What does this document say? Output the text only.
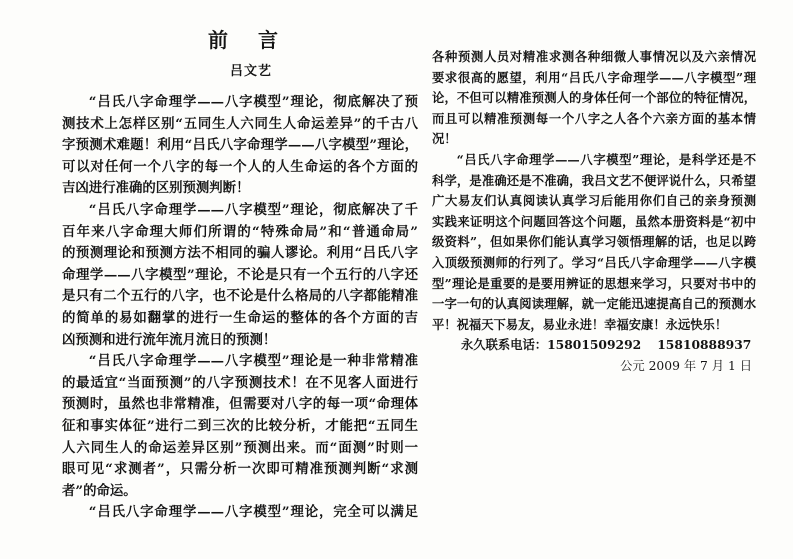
前　言
吕文艺
“吕氏八字命理学——八字模型”理论，彻底解决了预
测技术上怎样区别“五同生人六同生人命运差异”的千古八
字预测术难题！利用“吕氏八字命理学——八字模型”理论，
可以对任何一个八字的每一个人的人生命运的各个方面的
吉凶进行准确的区别预测判断！
“吕氏八字命理学——八字模型”理论，彻底解决了千
百年来八字命理大师们所谓的“特殊命局”和“普通命局”
的预测理论和预测方法不相同的骗人谬论。利用“吕氏八字
命理学——八字模型”理论，不论是只有一个五行的八字还
是只有二个五行的八字，也不论是什么格局的八字都能精准
的简单的易如翻掌的进行一生命运的整体的各个方面的吉
凶预测和进行流年流月流日的预测！
“吕氏八字命理学——八字模型”理论是一种非常精准
的最适宜“当面预测”的八字预测技术！在不见客人面进行
预测时，虽然也非常精准，但需要对八字的每一项“命理体
征和事实体征”进行二到三次的比较分析，才能把“五同生
人六同生人的命运差异区别”预测出来。而“面测”时则一
眼可见“求测者”，只需分析一次即可精准预测判断“求测
者”的命运。
“吕氏八字命理学——八字模型”理论，完全可以满足
各种预测人员对精准求测各种细微人事情况以及六亲情况
要求很高的愿望，利用“吕氏八字命理学——八字模型”理
论，不但可以精准预测人的身体任何一个部位的特征情况，
而且可以精准预测每一个八字之人各个六亲方面的基本情
况！
“吕氏八字命理学——八字模型”理论，是科学还是不
科学，是准确还是不准确，我吕文艺不便评说什么，只希望
广大易友们认真阅读认真学习后能用你们自己的亲身预测
实践来证明这个问题回答这个问题，虽然本册资料是“初中
级资料”，但如果你们能认真学习领悟理解的话，也足以跨
入顶级预测师的行列了。学习“吕氏八字命理学——八字模
型”理论是重要的是要用辨证的思想来学习，只要对书中的
一字一句的认真阅读理解，就一定能迅速提高自己的预测水
平！祝福天下易友，易业永进！幸福安康！永远快乐！
永久联系电话：15801509292 15810888937
公元 2009 年 7 月 1 日
